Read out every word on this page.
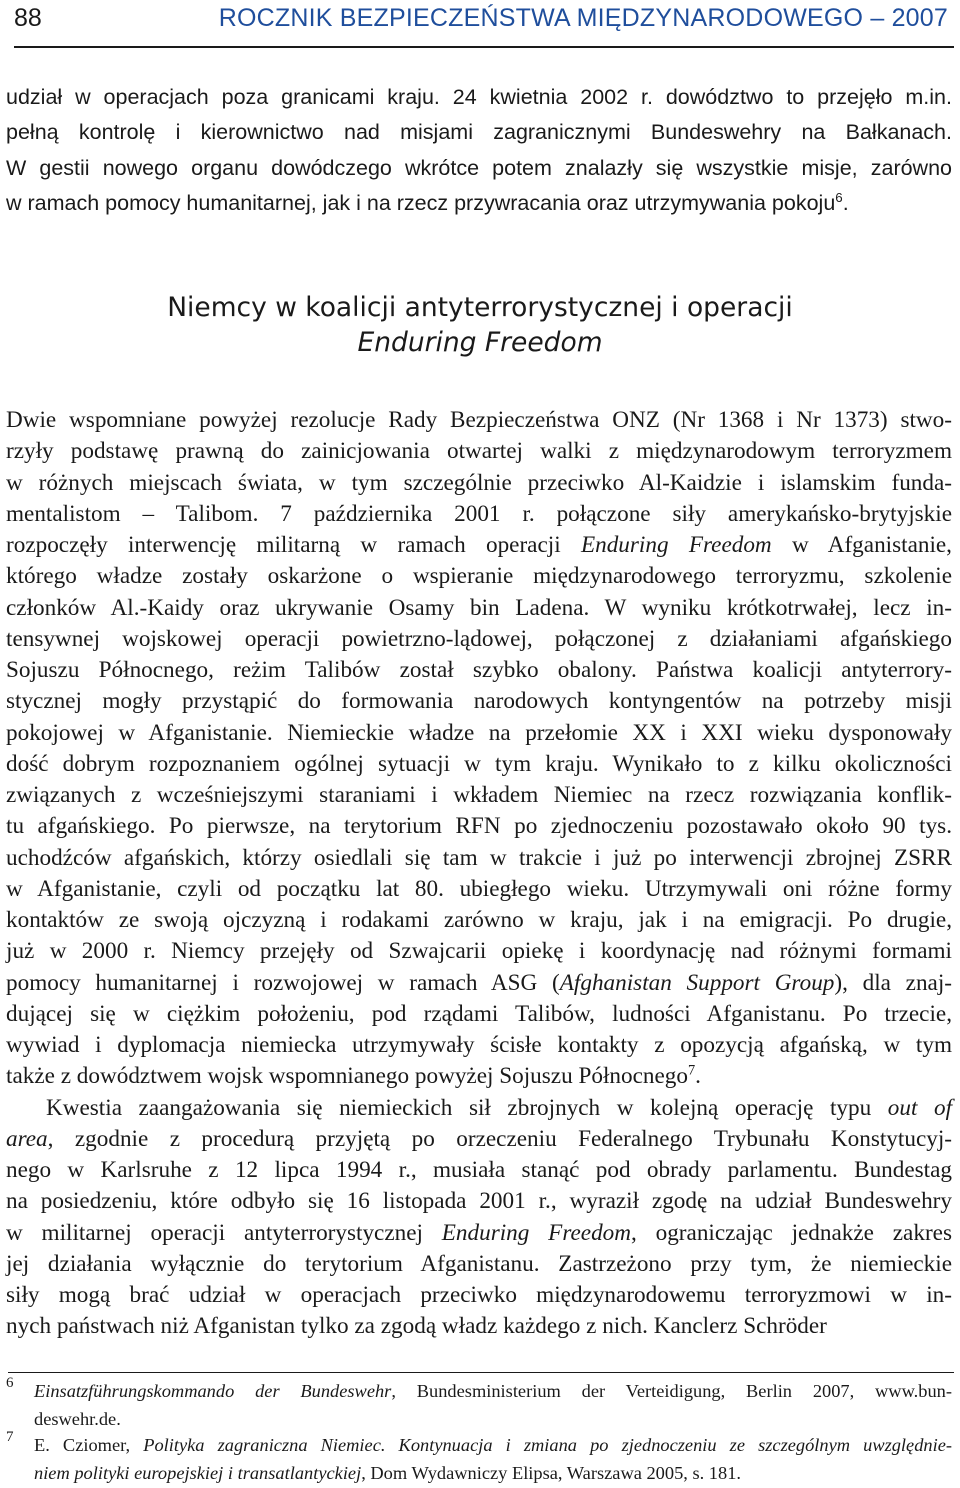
88	ROCZNIK BEZPIECZEŃSTWA MIĘDZYNARODOWEGO – 2007
udział w operacjach poza granicami kraju. 24 kwietnia 2002 r. dowództwo to przejęło m.in.
pełną kontrolę i kierownictwo nad misjami zagranicznymi Bundeswehry na Bałkanach.
W gestii nowego organu dowódczego wkrótce potem znalazły się wszystkie misje, zarówno
w ramach pomocy humanitarnej, jak i na rzecz przywracania oraz utrzymywania pokoju$^6$.
Niemcy w koalicji antyterrorystycznej i operacji
Enduring Freedom
Dwie wspomniane powyżej rezolucje Rady Bezpieczeństwa ONZ (Nr 1368 i Nr 1373) stwo-
rzyły podstawę prawną do zainicjowania otwartej walki z międzynarodowym terroryzmem
w różnych miejscach świata, w tym szczególnie przeciwko Al-Kaidzie i islamskim funda-
mentalistom – Talibom. 7 października 2001 r. połączone siły amerykańsko-brytyjskie
rozpoczęły interwencję militarną w ramach operacji Enduring Freedom w Afganistanie,
którego władze zostały oskarżone o wspieranie międzynarodowego terroryzmu, szkolenie
członków Al.-Kaidy oraz ukrywanie Osamy bin Ladena. W wyniku krótkotrwałej, lecz in-
tensywnej wojskowej operacji powietrzno-lądowej, połączonej z działaniami afgańskiego
Sojuszu Północnego, reżim Talibów został szybko obalony. Państwa koalicji antyterrory-
stycznej mogły przystąpić do formowania narodowych kontyngentów na potrzeby misji
pokojowej w Afganistanie. Niemieckie władze na przełomie XX i XXI wieku dysponowały
dość dobrym rozpoznaniem ogólnej sytuacji w tym kraju. Wynikało to z kilku okoliczności
związanych z wcześniejszymi staraniami i wkładem Niemiec na rzecz rozwiązania konflik-
tu afgańskiego. Po pierwsze, na terytorium RFN po zjednoczeniu pozostawało około 90 tys.
uchodźców afgańskich, którzy osiedlali się tam w trakcie i już po interwencji zbrojnej ZSRR
w Afganistanie, czyli od początku lat 80. ubiegłego wieku. Utrzymywali oni różne formy
kontaktów ze swoją ojczyzną i rodakami zarówno w kraju, jak i na emigracji. Po drugie,
już w 2000 r. Niemcy przejęły od Szwajcarii opiekę i koordynację nad różnymi formami
pomocy humanitarnej i rozwojowej w ramach ASG (Afghanistan Support Group), dla znaj-
dującej się w ciężkim położeniu, pod rządami Talibów, ludności Afganistanu. Po trzecie,
wywiad i dyplomacja niemiecka utrzymywały ścisłe kontakty z opozycją afgańską, w tym
także z dowództwem wojsk wspomnianego powyżej Sojuszu Północnego$^7$.
Kwestia zaangażowania się niemieckich sił zbrojnych w kolejną operację typu out of
area, zgodnie z procedurą przyjętą po orzeczeniu Federalnego Trybunału Konstytucyj-
nego w Karlsruhe z 12 lipca 1994 r., musiała stanąć pod obrady parlamentu. Bundestag
na posiedzeniu, które odbyło się 16 listopada 2001 r., wyraził zgodę na udział Bundeswehry
w militarnej operacji antyterrorystycznej Enduring Freedom, ograniczając jednakże zakres
jej działania wyłącznie do terytorium Afganistanu. Zastrzeżono przy tym, że niemieckie
siły mogą brać udział w operacjach przeciwko międzynarodowemu terroryzmowi w in-
nych państwach niż Afganistan tylko za zgodą władz każdego z nich. Kanclerz Schröder
6 Einsatzführungskommando der Bundeswehr, Bundesministerium der Verteidigung, Berlin 2007, www.bun-
deswehr.de.
7 E. Cziomer, Polityka zagraniczna Niemiec. Kontynuacja i zmiana po zjednoczeniu ze szczególnym uwzględnie-
niem polityki europejskiej i transatlantyckiej, Dom Wydawniczy Elipsa, Warszawa 2005, s. 181.
